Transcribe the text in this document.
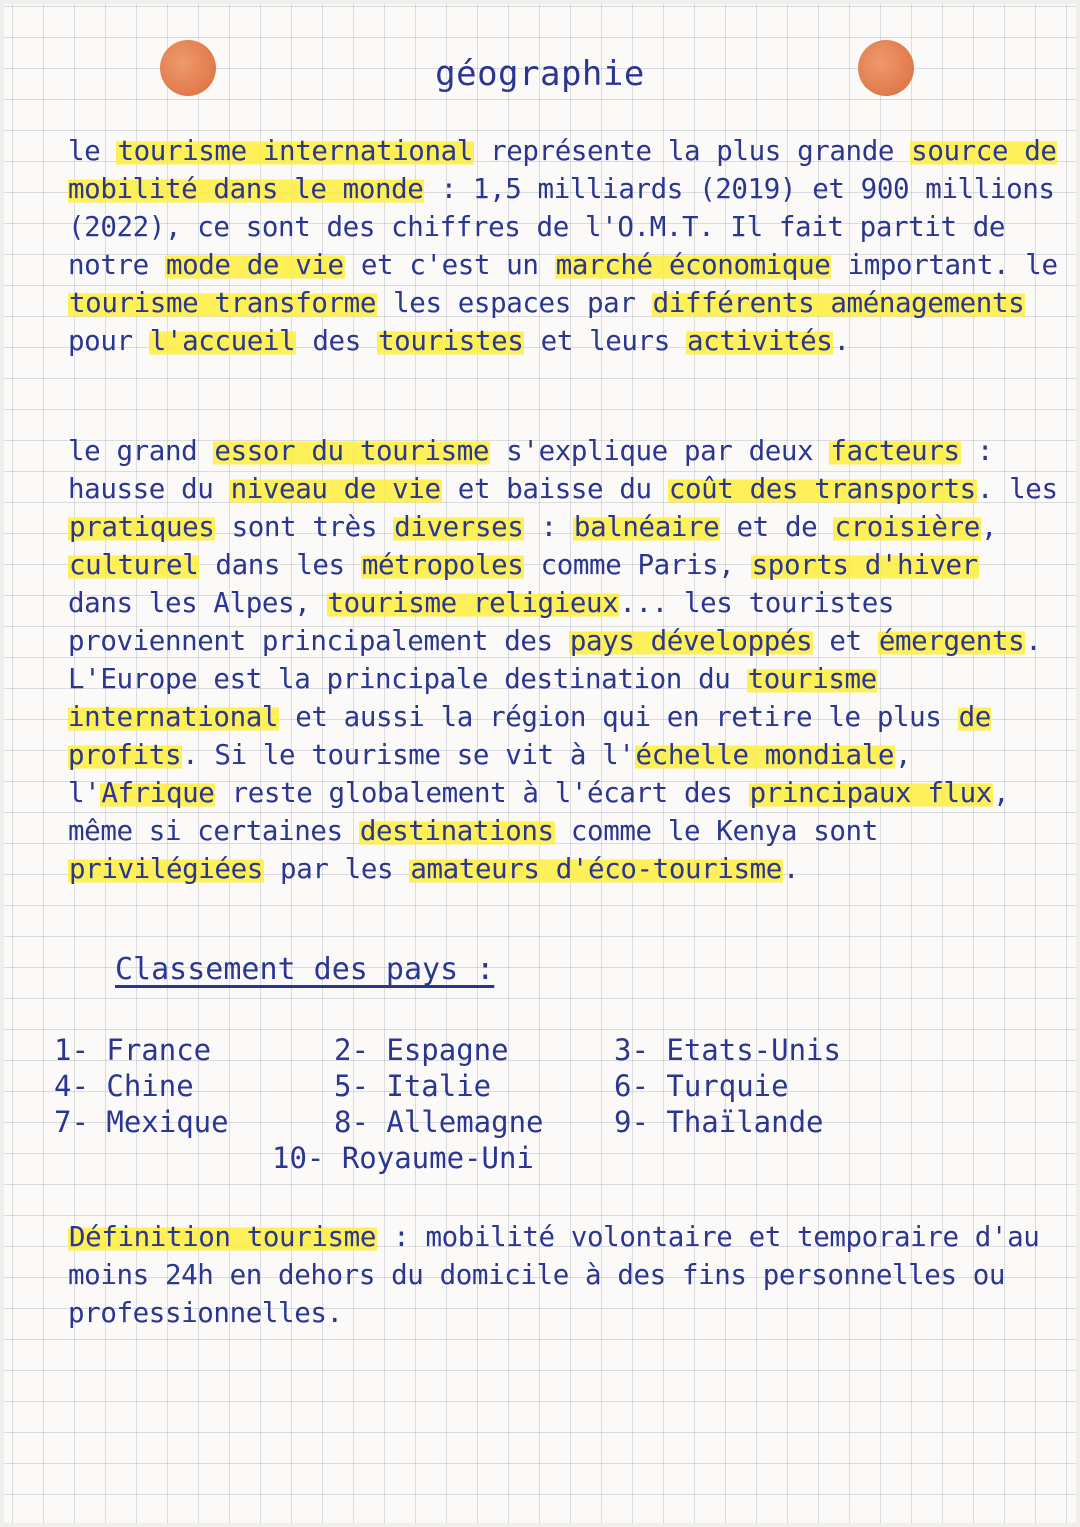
géographie

le tourisme international représente la plus grande source de mobilité dans le monde : 1,5 milliards (2019) et 900 millions (2022), ce sont des chiffres de l'O.M.T. Il fait partit de notre mode de vie et c'est un marché économique important. le tourisme transforme les espaces par différents aménagements pour l'accueil des touristes et leurs activités.

le grand essor du tourisme s'explique par deux facteurs : hausse du niveau de vie et baisse du coût des transports. les pratiques sont très diverses : balnéaire et de croisière, culturel dans les métropoles comme Paris, sports d'hiver dans les Alpes, tourisme religieux... les touristes proviennent principalement des pays développés et émergents. L'Europe est la principale destination du tourisme international et aussi la région qui en retire le plus de profits. Si le tourisme se vit à l'échelle mondiale, l'Afrique reste globalement à l'écart des principaux flux, même si certaines destinations comme le Kenya sont privilégiées par les amateurs d'éco-tourisme.

Classement des pays :
1- France	2- Espagne	3- Etats-Unis
4- Chine	5- Italie	6- Turquie
7- Mexique	8- Allemagne	9- Thaïlande
10- Royaume-Uni

Définition tourisme : mobilité volontaire et temporaire d'au moins 24h en dehors du domicile à des fins personnelles ou professionnelles.
